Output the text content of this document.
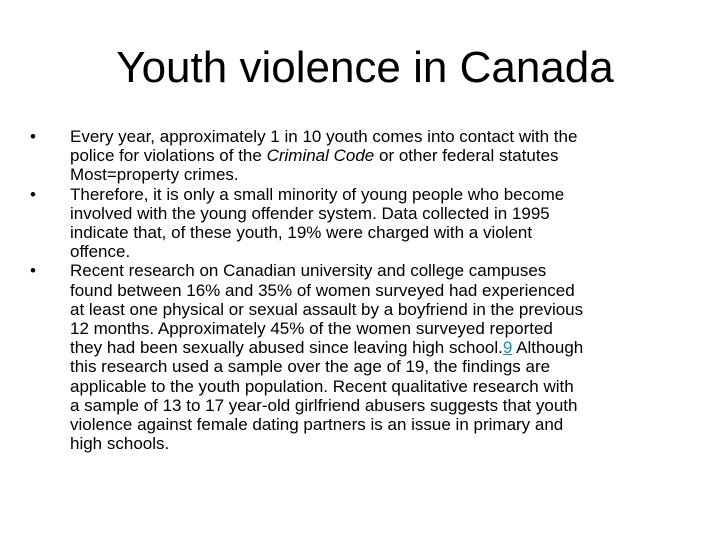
Youth violence in Canada
•	Every year, approximately 1 in 10 youth comes into contact with the
police for violations of the Criminal Code or other federal statutes
Most=property crimes.
•	Therefore, it is only a small minority of young people who become
involved with the young offender system. Data collected in 1995
indicate that, of these youth, 19% were charged with a violent
offence.
•	Recent research on Canadian university and college campuses
found between 16% and 35% of women surveyed had experienced
at least one physical or sexual assault by a boyfriend in the previous
12 months. Approximately 45% of the women surveyed reported
they had been sexually abused since leaving high school.9 Although
this research used a sample over the age of 19, the findings are
applicable to the youth population. Recent qualitative research with
a sample of 13 to 17 year-old girlfriend abusers suggests that youth
violence against female dating partners is an issue in primary and
high schools.
